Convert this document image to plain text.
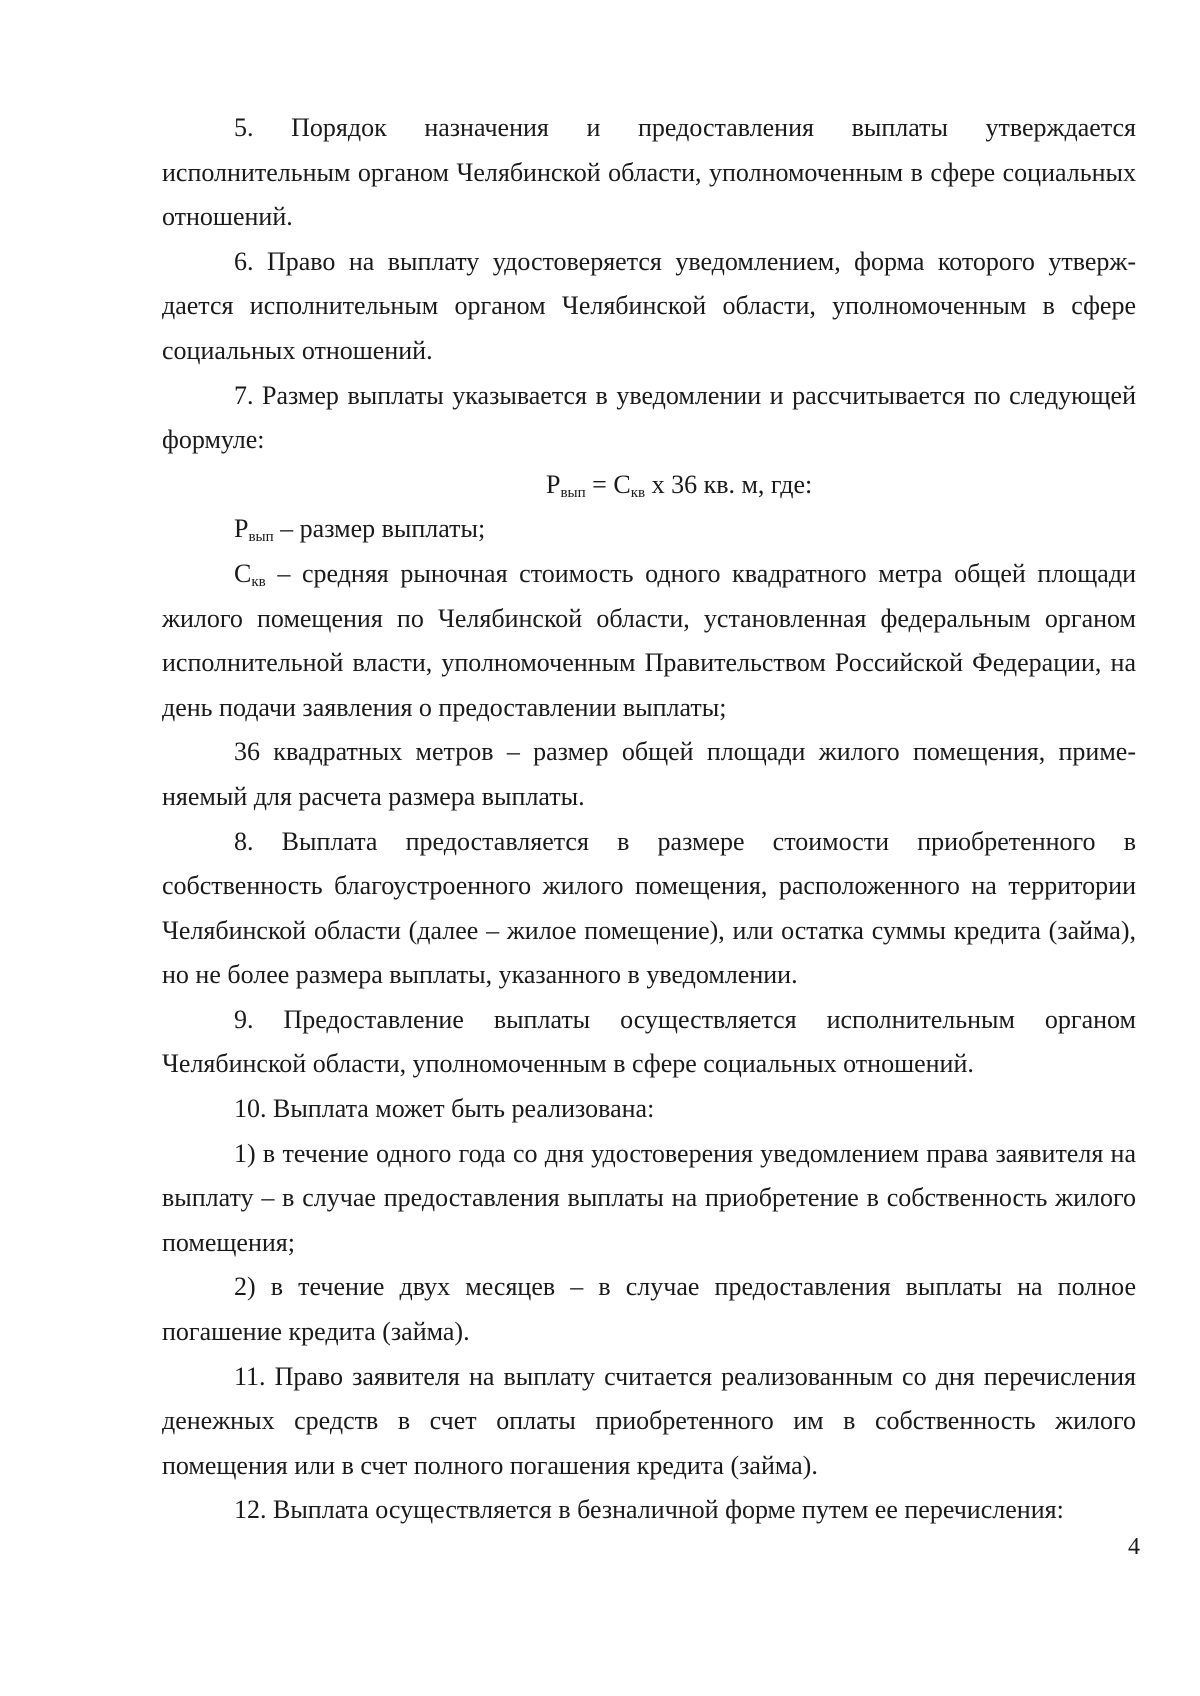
5. Порядок назначения и предоставления выплаты утверждается исполнительным органом Челябинской области, уполномоченным в сфере социальных отношений.

6. Право на выплату удостоверяется уведомлением, форма которого утверж-дается исполнительным органом Челябинской области, уполномоченным в сфере социальных отношений.

7. Размер выплаты указывается в уведомлении и рассчитывается по следующей формуле:

$Р_{вып} = С_{кв}$ х 36 кв. м, где:

$Р_{вып}$ – размер выплаты;

$С_{кв}$ – средняя рыночная стоимость одного квадратного метра общей площади жилого помещения по Челябинской области, установленная федеральным органом исполнительной власти, уполномоченным Правительством Российской Федерации, на день подачи заявления о предоставлении выплаты;

36 квадратных метров – размер общей площади жилого помещения, приме-няемый для расчета размера выплаты.

8. Выплата предоставляется в размере стоимости приобретенного в собственность благоустроенного жилого помещения, расположенного на территории Челябинской области (далее – жилое помещение), или остатка суммы кредита (займа), но не более размера выплаты, указанного в уведомлении.

9. Предоставление выплаты осуществляется исполнительным органом Челябинской области, уполномоченным в сфере социальных отношений.

10. Выплата может быть реализована:

1) в течение одного года со дня удостоверения уведомлением права заявителя на выплату – в случае предоставления выплаты на приобретение в собственность жилого помещения;

2) в течение двух месяцев – в случае предоставления выплаты на полное погашение кредита (займа).

11. Право заявителя на выплату считается реализованным со дня перечисления денежных средств в счет оплаты приобретенного им в собственность жилого помещения или в счет полного погашения кредита (займа).

12. Выплата осуществляется в безналичной форме путем ее перечисления:

4
